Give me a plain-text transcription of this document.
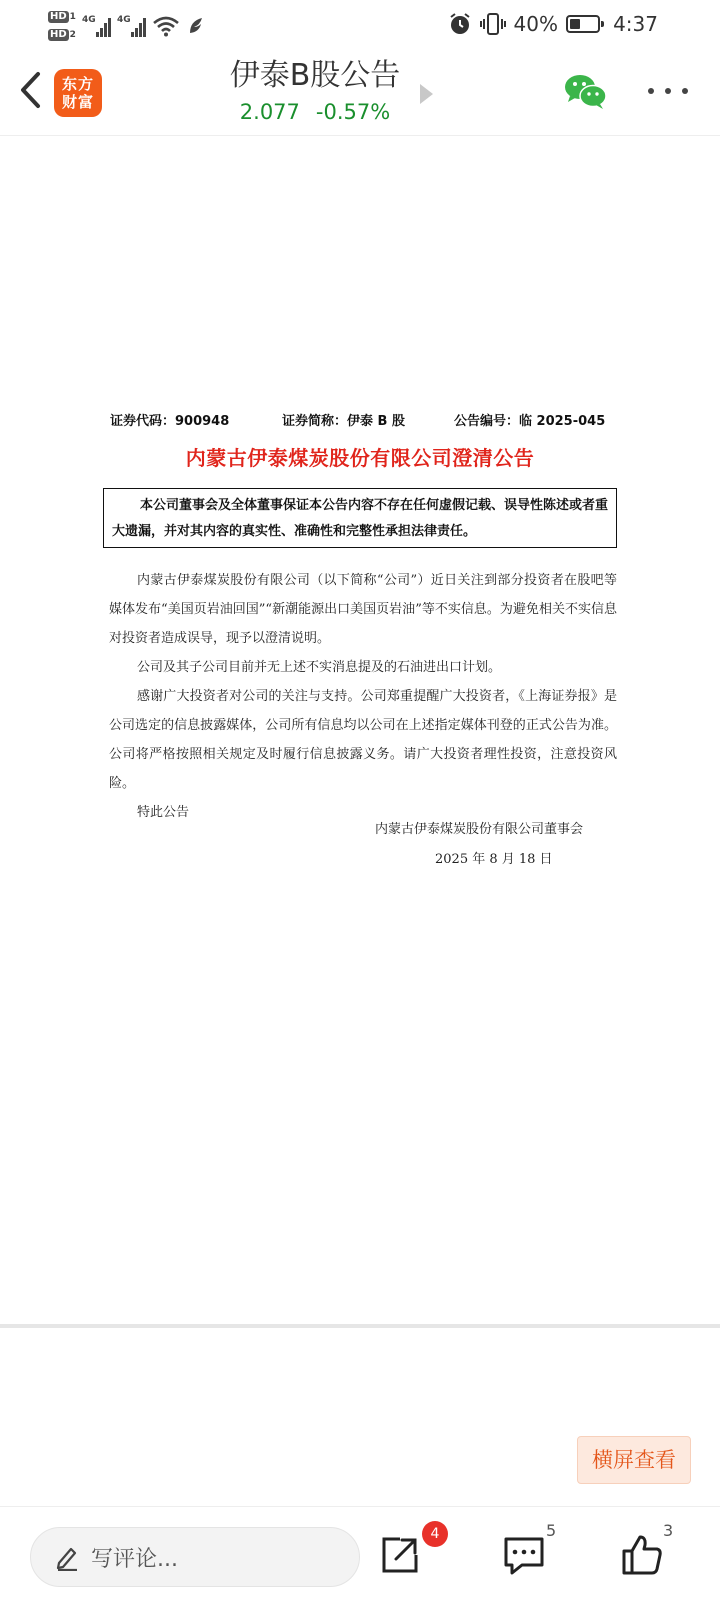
HD 1
HD 2
4G 4G	40%	4:37
东方
财富
伊泰B股公告
2.077 -0.57%
证券代码：900948	证券简称：伊泰 B 股	公告编号：临 2025-045
内蒙古伊泰煤炭股份有限公司澄清公告
本公司董事会及全体董事保证本公告内容不存在任何虚假记载、误导性陈述或者重大遗漏，并对其内容的真实性、准确性和完整性承担法律责任。

内蒙古伊泰煤炭股份有限公司（以下简称“公司”）近日关注到部分投资者在股吧等媒体发布“美国页岩油回国”“新潮能源出口美国页岩油”等不实信息。为避免相关不实信息对投资者造成误导，现予以澄清说明。

公司及其子公司目前并无上述不实消息提及的石油进出口计划。

感谢广大投资者对公司的关注与支持。公司郑重提醒广大投资者，《上海证券报》是公司选定的信息披露媒体，公司所有信息均以公司在上述指定媒体刊登的正式公告为准。公司将严格按照相关规定及时履行信息披露义务。请广大投资者理性投资，注意投资风险。

特此公告

内蒙古伊泰煤炭股份有限公司董事会
2025 年 8 月 18 日
横屏查看
写评论...
4	5	3
